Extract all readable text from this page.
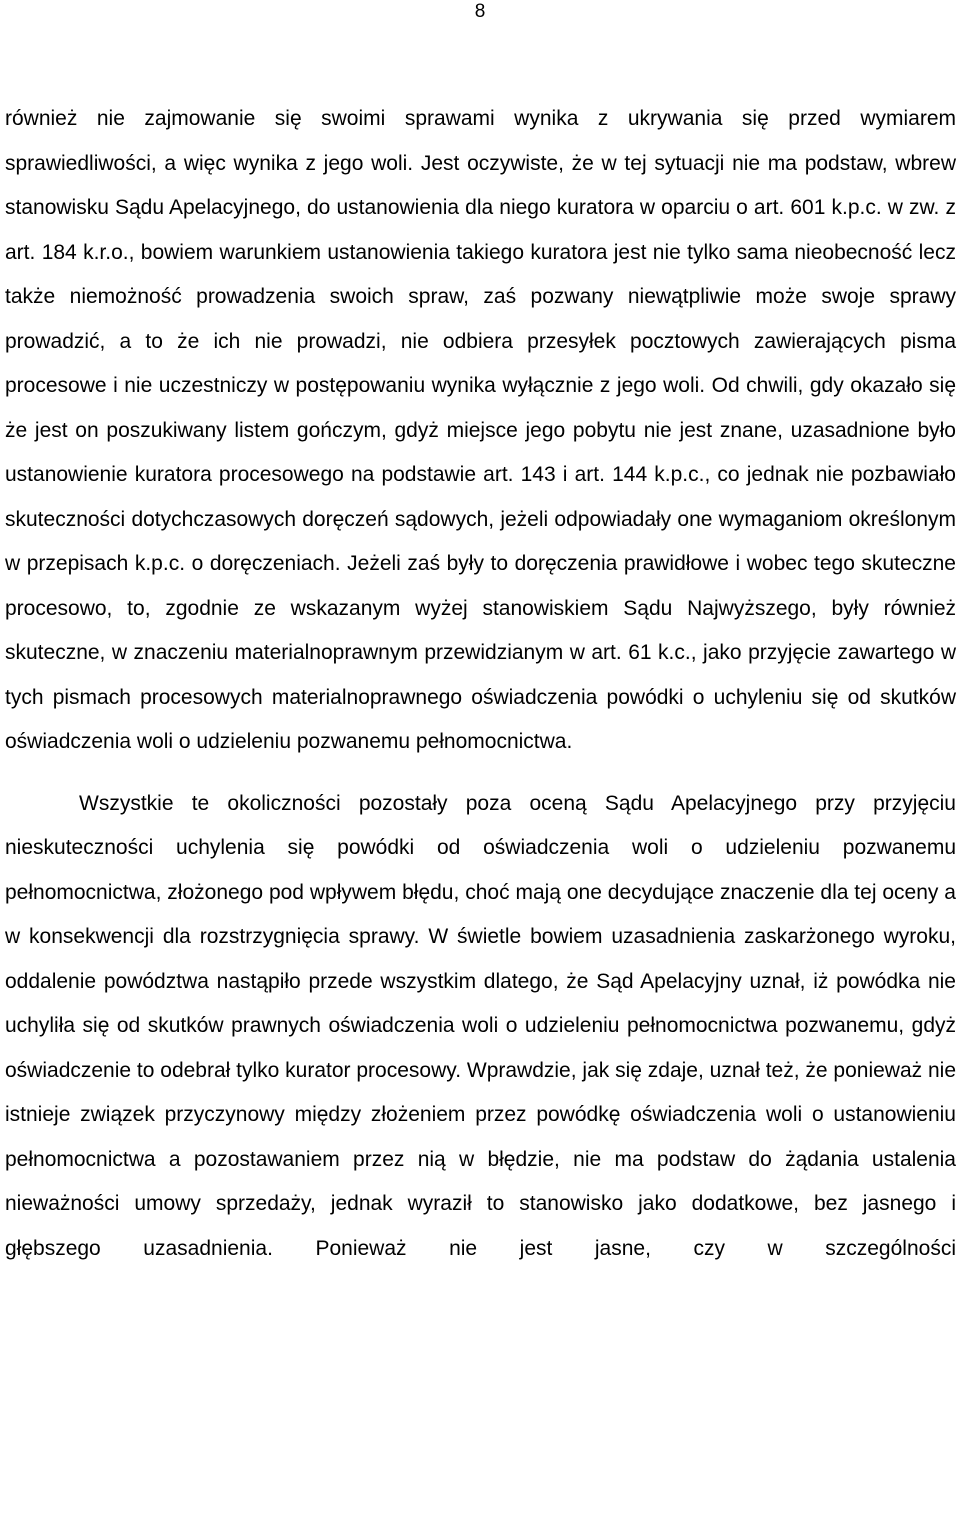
8

również nie zajmowanie się swoimi sprawami wynika z ukrywania się przed wymiarem sprawiedliwości, a więc wynika z jego woli. Jest oczywiste, że w tej sytuacji nie ma podstaw, wbrew stanowisku Sądu Apelacyjnego, do ustanowienia dla niego kuratora w oparciu o art. 601 k.p.c. w zw. z art. 184 k.r.o., bowiem warunkiem ustanowienia takiego kuratora jest nie tylko sama nieobecność lecz także niemożność prowadzenia swoich spraw, zaś pozwany niewątpliwie może swoje sprawy prowadzić, a to że ich nie prowadzi, nie odbiera przesyłek pocztowych zawierających pisma procesowe i nie uczestniczy w postępowaniu wynika wyłącznie z jego woli. Od chwili, gdy okazało się że jest on poszukiwany listem gończym, gdyż miejsce jego pobytu nie jest znane, uzasadnione było ustanowienie kuratora procesowego na podstawie art. 143 i art. 144 k.p.c., co jednak nie pozbawiało skuteczności dotychczasowych doręczeń sądowych, jeżeli odpowiadały one wymaganiom określonym w przepisach k.p.c. o doręczeniach. Jeżeli zaś były to doręczenia prawidłowe i wobec tego skuteczne procesowo, to, zgodnie ze wskazanym wyżej stanowiskiem Sądu Najwyższego, były również skuteczne, w znaczeniu materialnoprawnym przewidzianym w art. 61 k.c., jako przyjęcie zawartego w tych pismach procesowych materialnoprawnego oświadczenia powódki o uchyleniu się od skutków oświadczenia woli o udzieleniu pozwanemu pełnomocnictwa.

Wszystkie te okoliczności pozostały poza oceną Sądu Apelacyjnego przy przyjęciu nieskuteczności uchylenia się powódki od oświadczenia woli o udzieleniu pozwanemu pełnomocnictwa, złożonego pod wpływem błędu, choć mają one decydujące znaczenie dla tej oceny a w konsekwencji dla rozstrzygnięcia sprawy. W świetle bowiem uzasadnienia zaskarżonego wyroku, oddalenie powództwa nastąpiło przede wszystkim dlatego, że Sąd Apelacyjny uznał, iż powódka nie uchyliła się od skutków prawnych oświadczenia woli o udzieleniu pełnomocnictwa pozwanemu, gdyż oświadczenie to odebrał tylko kurator procesowy. Wprawdzie, jak się zdaje, uznał też, że ponieważ nie istnieje związek przyczynowy między złożeniem przez powódkę oświadczenia woli o ustanowieniu pełnomocnictwa a pozostawaniem przez nią w błędzie, nie ma podstaw do żądania ustalenia nieważności umowy sprzedaży, jednak wyraził to stanowisko jako dodatkowe, bez jasnego i głębszego uzasadnienia. Ponieważ nie jest jasne, czy w szczególności
